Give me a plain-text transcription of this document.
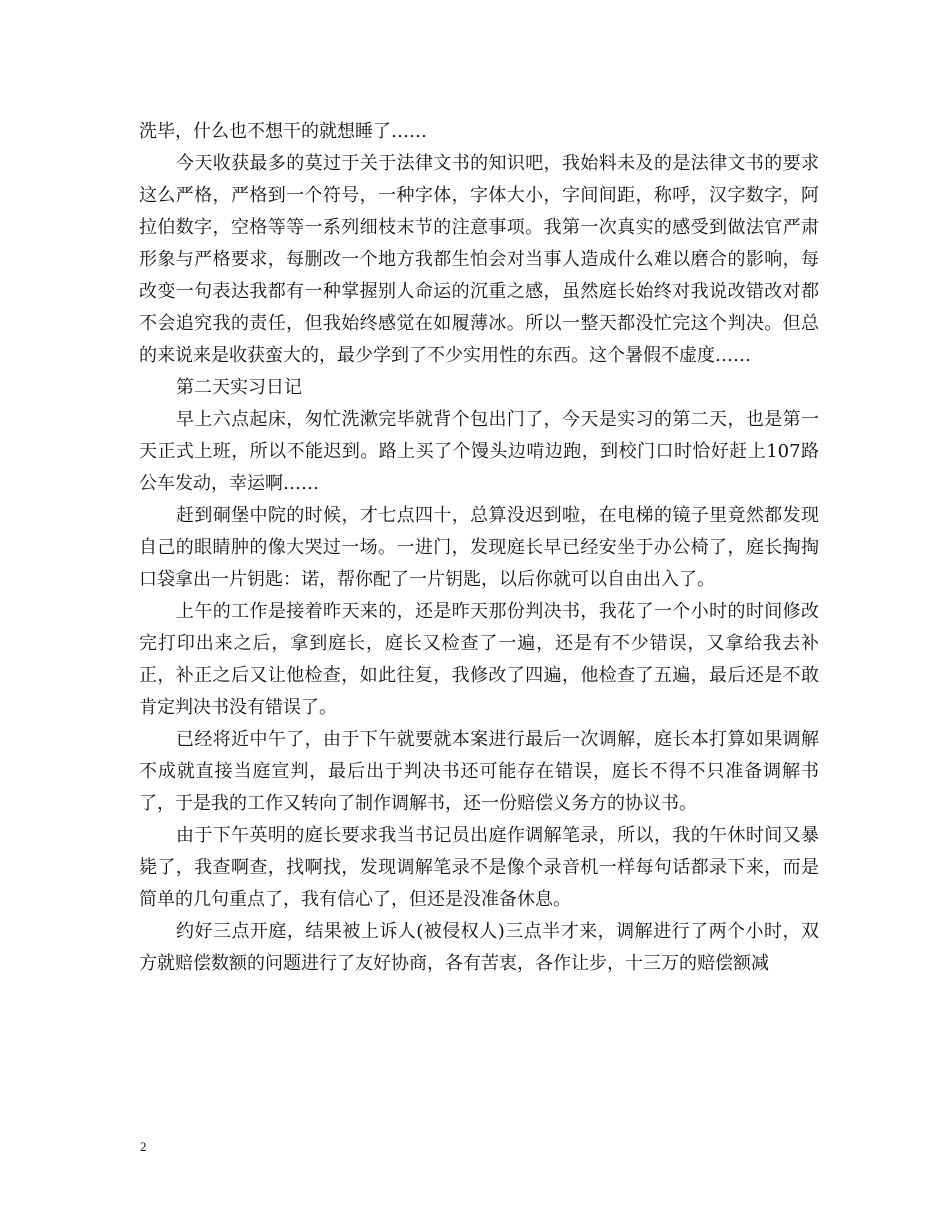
洗毕，什么也不想干的就想睡了……

今天收获最多的莫过于关于法律文书的知识吧，我始料未及的是法律文书的要求这么严格，严格到一个符号，一种字体，字体大小，字间间距，称呼，汉字数字，阿拉伯数字，空格等等一系列细枝末节的注意事项。我第一次真实的感受到做法官严肃形象与严格要求，每删改一个地方我都生怕会对当事人造成什么难以磨合的影响，每改变一句表达我都有一种掌握别人命运的沉重之感，虽然庭长始终对我说改错改对都不会追究我的责任，但我始终感觉在如履薄冰。所以一整天都没忙完这个判决。但总的来说来是收获蛮大的，最少学到了不少实用性的东西。这个暑假不虚度……

第二天实习日记

早上六点起床，匆忙洗漱完毕就背个包出门了，今天是实习的第二天，也是第一天正式上班，所以不能迟到。路上买了个馒头边啃边跑，到校门口时恰好赶上107路公车发动，幸运啊……

赶到硐堡中院的时候，才七点四十，总算没迟到啦，在电梯的镜子里竟然都发现自己的眼睛肿的像大哭过一场。一进门，发现庭长早已经安坐于办公椅了，庭长掏掏口袋拿出一片钥匙：诺，帮你配了一片钥匙，以后你就可以自由出入了。

上午的工作是接着昨天来的，还是昨天那份判决书，我花了一个小时的时间修改完打印出来之后，拿到庭长，庭长又检查了一遍，还是有不少错误，又拿给我去补正，补正之后又让他检查，如此往复，我修改了四遍，他检查了五遍，最后还是不敢肯定判决书没有错误了。

已经将近中午了，由于下午就要就本案进行最后一次调解，庭长本打算如果调解不成就直接当庭宣判，最后出于判决书还可能存在错误，庭长不得不只准备调解书了，于是我的工作又转向了制作调解书，还一份赔偿义务方的协议书。

由于下午英明的庭长要求我当书记员出庭作调解笔录，所以，我的午休时间又暴毙了，我查啊查，找啊找，发现调解笔录不是像个录音机一样每句话都录下来，而是简单的几句重点了，我有信心了，但还是没准备休息。

约好三点开庭，结果被上诉人(被侵权人)三点半才来，调解进行了两个小时，双方就赔偿数额的问题进行了友好协商，各有苦衷，各作让步，十三万的赔偿额减

2
